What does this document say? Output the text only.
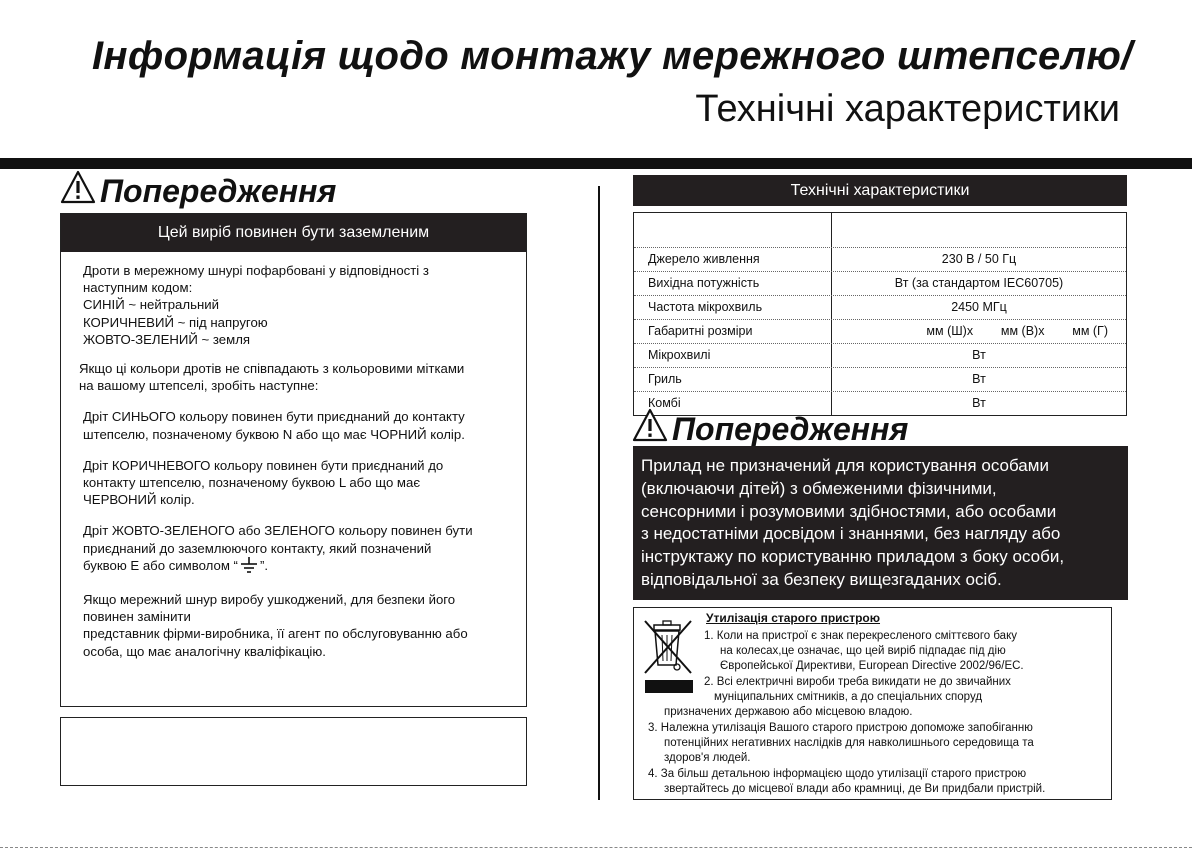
Інформація щодо монтажу мережного штепселю/
Технічні характеристики
Попередження
Цей виріб повинен бути заземленим

Дроти в мережному шнурі пофарбовані у відповідності з
наступним кодом:
СИНІЙ ~ нейтральний
КОРИЧНЕВИЙ ~ під напругою
ЖОВТО-ЗЕЛЕНИЙ ~ земля

Якщо ці кольори дротів не співпадають з кольоровими мітками
на вашому штепселі, зробіть наступне:

Дріт СИНЬОГО кольору повинен бути приєднаний до контакту
штепселю, позначеному буквою N або що має ЧОРНИЙ колір.

Дріт КОРИЧНЕВОГО кольору повинен бути приєднаний до
контакту штепселю, позначеному буквою L або що має
ЧЕРВОНИЙ колір.

Дріт ЖОВТО-ЗЕЛЕНОГО або ЗЕЛЕНОГО кольору повинен бути
приєднаний до заземлюючого контакту, який позначений
буквою E або символом “ ”.

Якщо мережний шнур виробу ушкоджений, для безпеки його
повинен замінити
представник фірми-виробника, її агент по обслуговуванню або
особа, що має аналогічну кваліфікацію.

Технічні характеристики
Джерело живлення	230 В / 50 Гц
Вихідна потужність	Вт (за стандартом IEC60705)
Частота мікрохвиль	2450 МГц
Габаритні розміри	мм (Ш)х        мм (В)х        мм (Г)
Мікрохвилі	Вт
Гриль	Вт
Комбі	Вт
Попередження
Прилад не призначений для користування особами
(включаючи дітей) з обмеженими фізичними,
сенсорними і розумовими здібностями, або особами
з недостатніми досвідом і знаннями, без нагляду або
інструктажу по користуванню приладом з боку особи,
відповідальної за безпеку вищезгаданих осіб.
Утилізація старого пристрою
1. Коли на пристрої є знак перекресленого сміттєвого баку
на колесах,це означає, що цей виріб підпадає під дію
Європейської Директиви, European Directive 2002/96/EC.
2. Всі електричні вироби треба викидати не до звичайних
муніципальних смітників, а до спеціальних споруд
призначених державою або місцевою владою.
3. Належна утилізація Вашого старого пристрою допоможе запобіганню
потенційних негативних наслідків для навколишнього середовища та
здоров'я людей.
4. За більш детальною інформацією щодо утилізації старого пристрою
звертайтесь до місцевої влади або крамниці, де Ви придбали пристрій.
